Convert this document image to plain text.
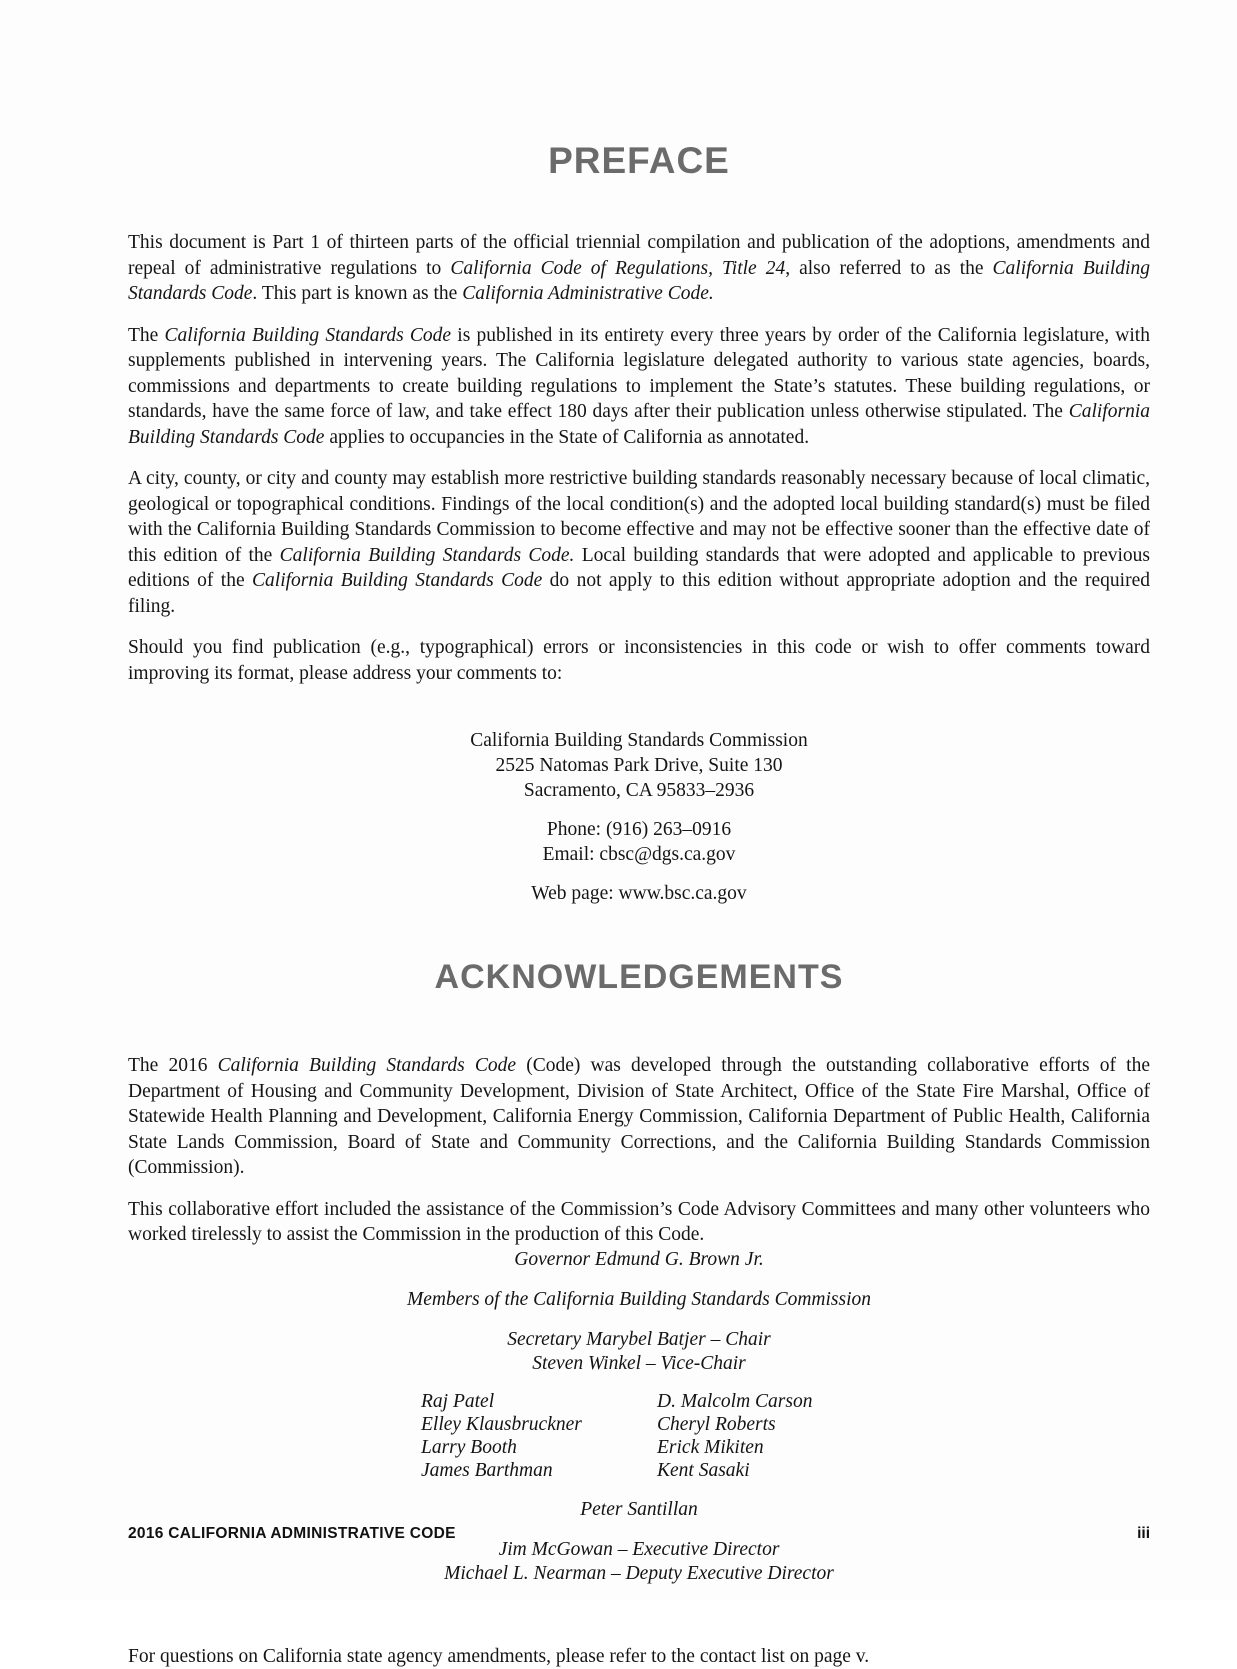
PREFACE

This document is Part 1 of thirteen parts of the official triennial compilation and publication of the adoptions, amendments and repeal of administrative regulations to California Code of Regulations, Title 24, also referred to as the California Building Standards Code. This part is known as the California Administrative Code.

The California Building Standards Code is published in its entirety every three years by order of the California legislature, with supplements published in intervening years. The California legislature delegated authority to various state agencies, boards, commissions and departments to create building regulations to implement the State’s statutes. These building regulations, or standards, have the same force of law, and take effect 180 days after their publication unless otherwise stipulated. The California Building Standards Code applies to occupancies in the State of California as annotated.

A city, county, or city and county may establish more restrictive building standards reasonably necessary because of local climatic, geological or topographical conditions. Findings of the local condition(s) and the adopted local building standard(s) must be filed with the California Building Standards Commission to become effective and may not be effective sooner than the effective date of this edition of the California Building Standards Code. Local building standards that were adopted and applicable to previous editions of the California Building Standards Code do not apply to this edition without appropriate adoption and the required filing.

Should you find publication (e.g., typographical) errors or inconsistencies in this code or wish to offer comments toward improving its format, please address your comments to:

California Building Standards Commission
2525 Natomas Park Drive, Suite 130
Sacramento, CA 95833–2936
Phone: (916) 263–0916
Email: cbsc@dgs.ca.gov
Web page: www.bsc.ca.gov
ACKNOWLEDGEMENTS

The 2016 California Building Standards Code (Code) was developed through the outstanding collaborative efforts of the Department of Housing and Community Development, Division of State Architect, Office of the State Fire Marshal, Office of Statewide Health Planning and Development, California Energy Commission, California Department of Public Health, California State Lands Commission, Board of State and Community Corrections, and the California Building Standards Commission (Commission).

This collaborative effort included the assistance of the Commission’s Code Advisory Committees and many other volunteers who worked tirelessly to assist the Commission in the production of this Code.

Governor Edmund G. Brown Jr.
Members of the California Building Standards Commission
Secretary Marybel Batjer – Chair
Steven Winkel – Vice-Chair
Raj Patel	D. Malcolm Carson
Elley Klausbruckner	Cheryl Roberts
Larry Booth	Erick Mikiten
James Barthman	Kent Sasaki
Peter Santillan
Jim McGowan – Executive Director
Michael L. Nearman – Deputy Executive Director
For questions on California state agency amendments, please refer to the contact list on page v.
2016 CALIFORNIA ADMINISTRATIVE CODE	iii
